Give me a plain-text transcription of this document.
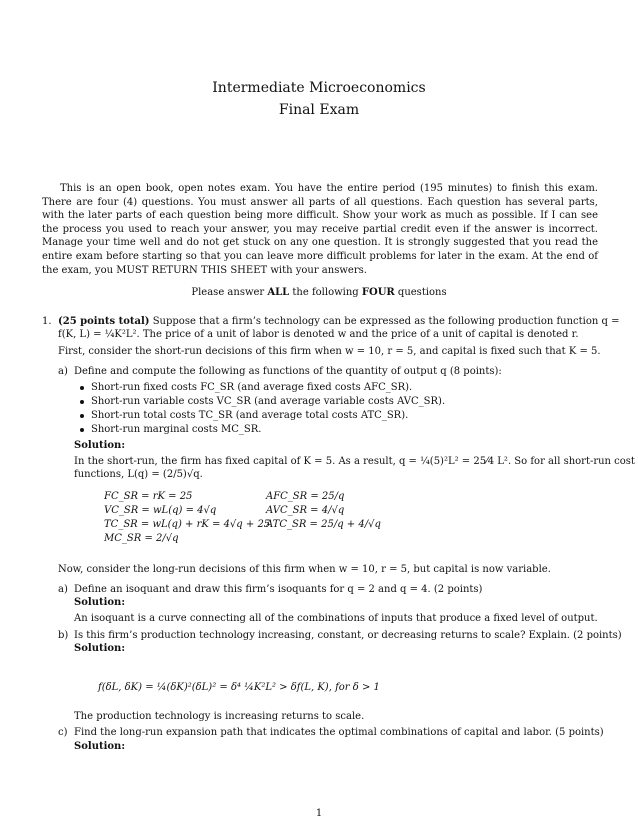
Intermediate Microeconomics
Final Exam
This is an open book, open notes exam. You have the entire period (195 minutes) to finish this exam. There are four (4) questions. You must answer all parts of all questions. Each question has several parts, with the later parts of each question being more difficult. Show your work as much as possible. If I can see the process you used to reach your answer, you may receive partial credit even if the answer is incorrect. Manage your time well and do not get stuck on any one question. It is strongly suggested that you read the entire exam before starting so that you can leave more difficult problems for later in the exam. At the end of the exam, you MUST RETURN THIS SHEET with your answers.
Please answer ALL the following FOUR questions
1. (25 points total) Suppose that a firm’s technology can be expressed as the following production function q =
f(K, L) = ¼K²L². The price of a unit of labor is denoted w and the price of a unit of capital is denoted r.
First, consider the short-run decisions of this firm when w = 10, r = 5, and capital is fixed such that K = 5.
a) Define and compute the following as functions of the quantity of output q (8 points):
Short-run fixed costs FC_SR (and average fixed costs AFC_SR).
Short-run variable costs VC_SR (and average variable costs AVC_SR).
Short-run total costs TC_SR (and average total costs ATC_SR).
Short-run marginal costs MC_SR.
Solution:
In the short-run, the firm has fixed capital of K = 5. As a result, q = ¼(5)²L² = 25⁄4 L². So for all short-run cost
functions, L(q) = (2/5)√q.
FC_SR = rK = 25
VC_SR = wL(q) = 4√q
TC_SR = wL(q) + rK = 4√q + 25
MC_SR = 2/√q
AFC_SR = 25/q
AVC_SR = 4/√q
ATC_SR = 25/q + 4/√q
Now, consider the long-run decisions of this firm when w = 10, r = 5, but capital is now variable.
a) Define an isoquant and draw this firm’s isoquants for q = 2 and q = 4. (2 points)
Solution:
An isoquant is a curve connecting all of the combinations of inputs that produce a fixed level of output.
b) Is this firm’s production technology increasing, constant, or decreasing returns to scale? Explain. (2 points)
Solution:
f(δL, δK) = ¼(δK)²(δL)² = δ⁴ ¼K²L² > δf(L, K), for δ > 1
The production technology is increasing returns to scale.
c) Find the long-run expansion path that indicates the optimal combinations of capital and labor. (5 points)
Solution:
1
